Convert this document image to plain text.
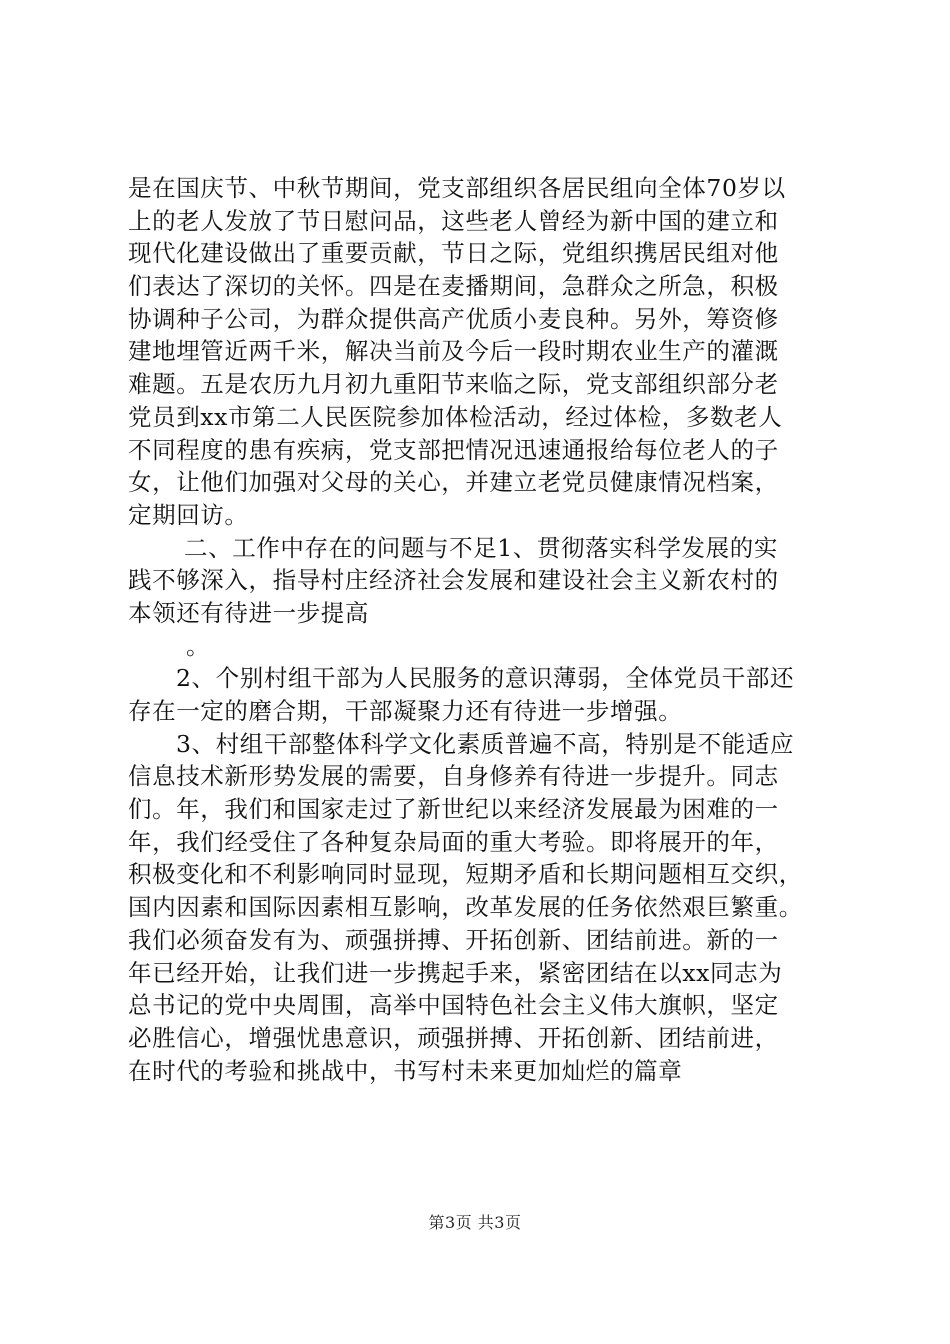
是在国庆节、中秋节期间，党支部组织各居民组向全体70岁以
上的老人发放了节日慰问品，这些老人曾经为新中国的建立和
现代化建设做出了重要贡献，节日之际，党组织携居民组对他
们表达了深切的关怀。四是在麦播期间，急群众之所急，积极
协调种子公司，为群众提供高产优质小麦良种。另外，筹资修
建地埋管近两千米，解决当前及今后一段时期农业生产的灌溉
难题。五是农历九月初九重阳节来临之际，党支部组织部分老
党员到xx市第二人民医院参加体检活动，经过体检，多数老人
不同程度的患有疾病，党支部把情况迅速通报给每位老人的子
女，让他们加强对父母的关心，并建立老党员健康情况档案，
定期回访。
二、工作中存在的问题与不足1、贯彻落实科学发展的实
践不够深入，指导村庄经济社会发展和建设社会主义新农村的
本领还有待进一步提高
。
2、个别村组干部为人民服务的意识薄弱，全体党员干部还
存在一定的磨合期，干部凝聚力还有待进一步增强。
3、村组干部整体科学文化素质普遍不高，特别是不能适应
信息技术新形势发展的需要，自身修养有待进一步提升。同志
们。年，我们和国家走过了新世纪以来经济发展最为困难的一
年，我们经受住了各种复杂局面的重大考验。即将展开的年，
积极变化和不利影响同时显现，短期矛盾和长期问题相互交织，
国内因素和国际因素相互影响，改革发展的任务依然艰巨繁重。
我们必须奋发有为、顽强拼搏、开拓创新、团结前进。新的一
年已经开始，让我们进一步携起手来，紧密团结在以xx同志为
总书记的党中央周围，高举中国特色社会主义伟大旗帜，坚定
必胜信心，增强忧患意识，顽强拼搏、开拓创新、团结前进，
在时代的考验和挑战中，书写村未来更加灿烂的篇章
第3页 共3页
